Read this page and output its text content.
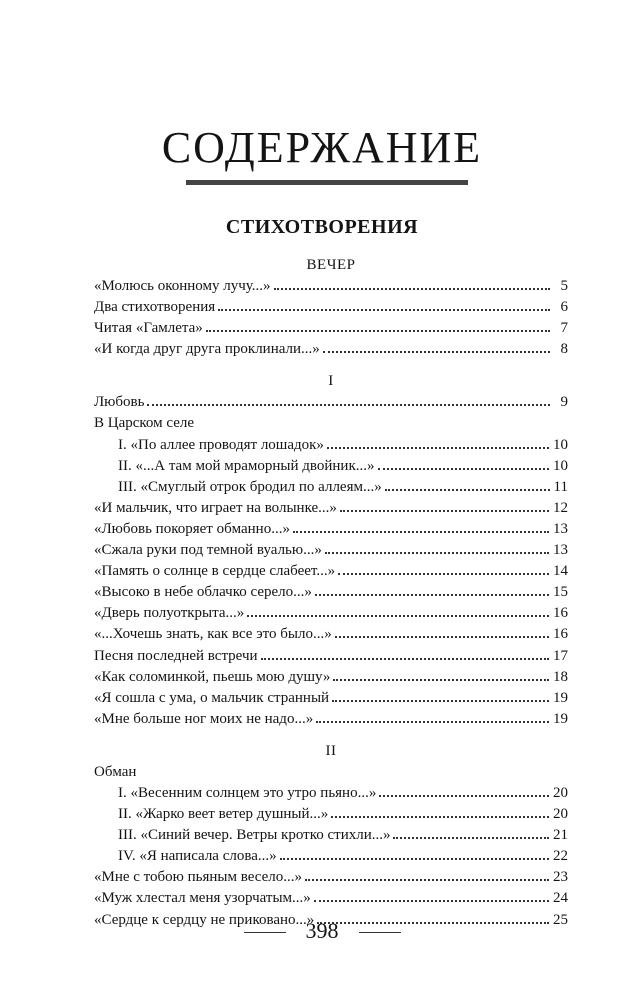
СОДЕРЖАНИЕ
СТИХОТВОРЕНИЯ
ВЕЧЕР
«Молюсь оконному лучу...»	5
Два стихотворения	6
Читая «Гамлета»	7
«И когда друг друга проклинали...»	8
I
Любовь	9
В Царском селе
I. «По аллее проводят лошадок»	10
II. «...А там мой мраморный двойник...»	10
III. «Смуглый отрок бродил по аллеям...»	11
«И мальчик, что играет на волынке...»	12
«Любовь покоряет обманно...»	13
«Сжала руки под темной вуалью...»	13
«Память о солнце в сердце слабеет...»	14
«Высоко в небе облачко серело...»	15
«Дверь полуоткрыта...»	16
«...Хочешь знать, как все это было...»	16
Песня последней встречи	17
«Как соломинкой, пьешь мою душу»	18
«Я сошла с ума, о мальчик странный	19
«Мне больше ног моих не надо...»	19
II
Обман
I. «Весенним солнцем это утро пьяно...»	20
II. «Жарко веет ветер душный...»	20
III. «Синий вечер. Ветры кротко стихли...»	21
IV. «Я написала слова...»	22
«Мне с тобою пьяным весело...»	23
«Муж хлестал меня узорчатым...»	24
«Сердце к сердцу не приковано...»	25
398
